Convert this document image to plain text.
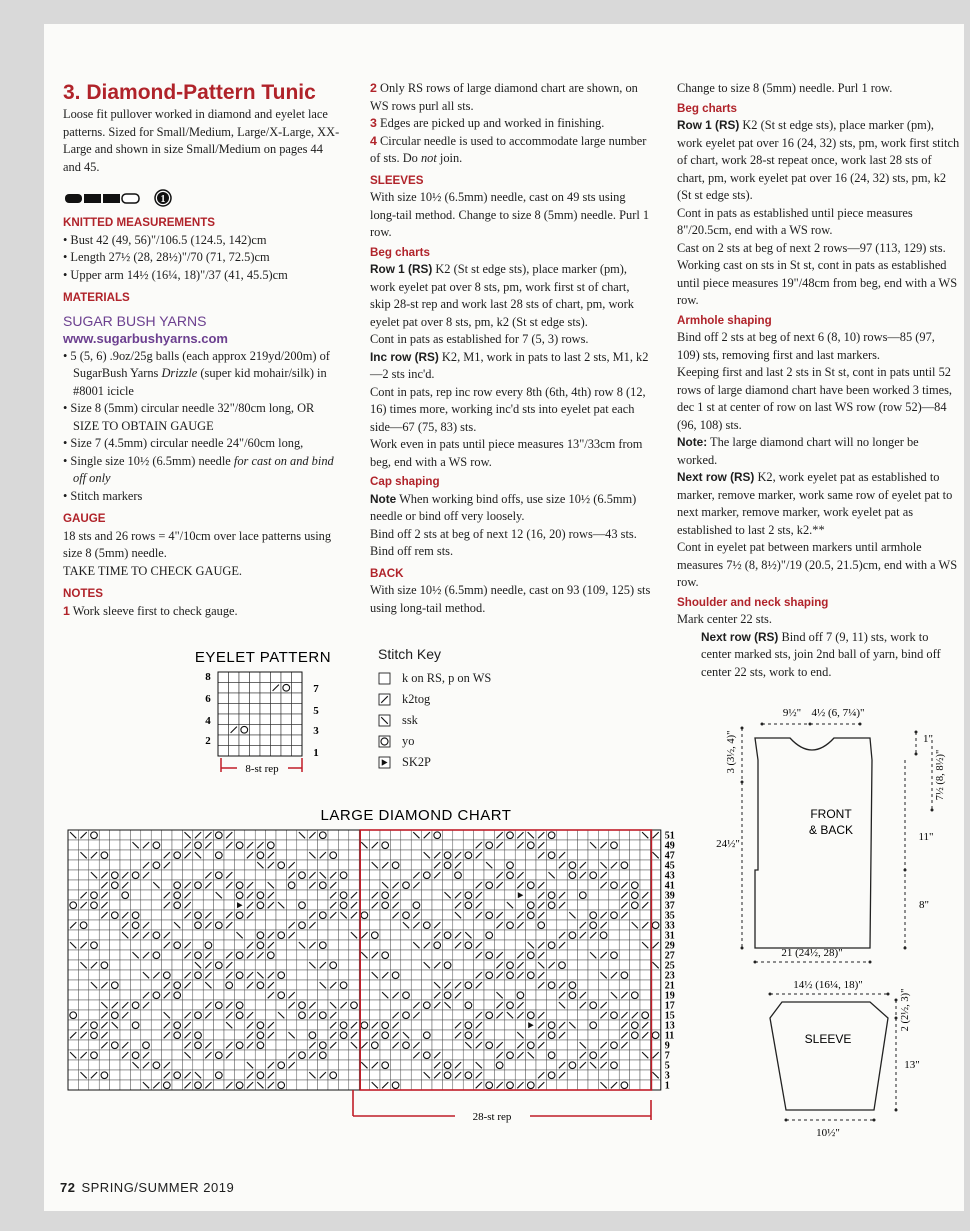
3. Diamond-Pattern Tunic

Loose fit pullover worked in diamond and eyelet lace patterns. Sized for Small/Medium, Large/X-Large, XX-Large and shown in size Small/Medium on pages 44 and 45.

1
KNITTED MEASUREMENTS

• Bust 42 (49, 56)"/106.5 (124.5, 142)cm

• Length 27½ (28, 28½)"/70 (71, 72.5)cm

• Upper arm 14½ (16¼, 18)"/37 (41, 45.5)cm

MATERIALS
SUGAR BUSH YARNS
www.sugarbushyarns.com

• 5 (5, 6) .9oz/25g balls (each approx 219yd/200m) of SugarBush Yarns Drizzle (super kid mohair/silk) in #8001 icicle

• Size 8 (5mm) circular needle 32"/80cm long, OR SIZE TO OBTAIN GAUGE

• Size 7 (4.5mm) circular needle 24"/60cm long,

• Single size 10½ (6.5mm) needle for cast on and bind off only

• Stitch markers

GAUGE

18 sts and 26 rows = 4"/10cm over lace patterns using size 8 (5mm) needle.

TAKE TIME TO CHECK GAUGE.

NOTES

1 Work sleeve first to check gauge.

2 Only RS rows of large diamond chart are shown, on WS rows purl all sts.

3 Edges are picked up and worked in finishing.

4 Circular needle is used to accommodate large number of sts. Do not join.

SLEEVES

With size 10½ (6.5mm) needle, cast on 49 sts using long-tail method. Change to size 8 (5mm) needle. Purl 1 row.

Beg charts

Row 1 (RS) K2 (St st edge sts), place marker (pm), work eyelet pat over 8 sts, pm, work first st of chart, skip 28-st rep and work last 28 sts of chart, pm, work eyelet pat over 8 sts, pm, k2 (St st edge sts).

Cont in pats as established for 7 (5, 3) rows.

Inc row (RS) K2, M1, work in pats to last 2 sts, M1, k2—2 sts inc'd.

Cont in pats, rep inc row every 8th (6th, 4th) row 8 (12, 16) times more, working inc'd sts into eyelet pat each side—67 (75, 83) sts.

Work even in pats until piece measures 13"/33cm from beg, end with a WS row.

Cap shaping

Note When working bind offs, use size 10½ (6.5mm) needle or bind off very loosely.

Bind off 2 sts at beg of next 12 (16, 20) rows—43 sts. Bind off rem sts.

BACK

With size 10½ (6.5mm) needle, cast on 93 (109, 125) sts using long-tail method.

Change to size 8 (5mm) needle. Purl 1 row.

Beg charts

Row 1 (RS) K2 (St st edge sts), place marker (pm), work eyelet pat over 16 (24, 32) sts, pm, work first stitch of chart, work 28-st repeat once, work last 28 sts of chart, pm, work eyelet pat over 16 (24, 32) sts, pm, k2 (St st edge sts).

Cont in pats as established until piece measures 8"/20.5cm, end with a WS row.

Cast on 2 sts at beg of next 2 rows—97 (113, 129) sts. Working cast on sts in St st, cont in pats as established until piece measures 19"/48cm from beg, end with a WS row.

Armhole shaping

Bind off 2 sts at beg of next 6 (8, 10) rows—85 (97, 109) sts, removing first and last markers.

Keeping first and last 2 sts in St st, cont in pats until 52 rows of large diamond chart have been worked 3 times, dec 1 st at center of row on last WS row (row 52)—84 (96, 108) sts.

Note: The large diamond chart will no longer be worked.

Next row (RS) K2, work eyelet pat as established to marker, remove marker, work same row of eyelet pat to next marker, remove marker, work eyelet pat as established to last 2 sts, k2.**

Cont in eyelet pat between markers until armhole measures 7½ (8, 8½)"/19 (20.5, 21.5)cm, end with a WS row.

Shoulder and neck shaping

Mark center 22 sts.

Next row (RS) Bind off 7 (9, 11) sts, work to center marked sts, join 2nd ball of yarn, bind off center 22 sts, work to end.

EYELET PATTERN
8
6
4
2
7
5
3
1
8-st rep
Stitch Key
k on RS, p on WS
k2tog
ssk
yo
SK2P
LARGE DIAMOND CHART
51
49
47
45
43
41
39
37
35
33
31
29
27
25
23
21
19
17
15
13
11
9
7
5
3
1
28-st rep
FRONT
& BACK
9½" 4½ (6, 7¼)"
3 (3½, 4)"
24½"
1"
7½ (8, 8½)"
11"
8"
21 (24½, 28)"
SLEEVE
14½ (16¼, 18)"
2 (2½, 3)"
13"
10½"
72 SPRING/SUMMER 2019
